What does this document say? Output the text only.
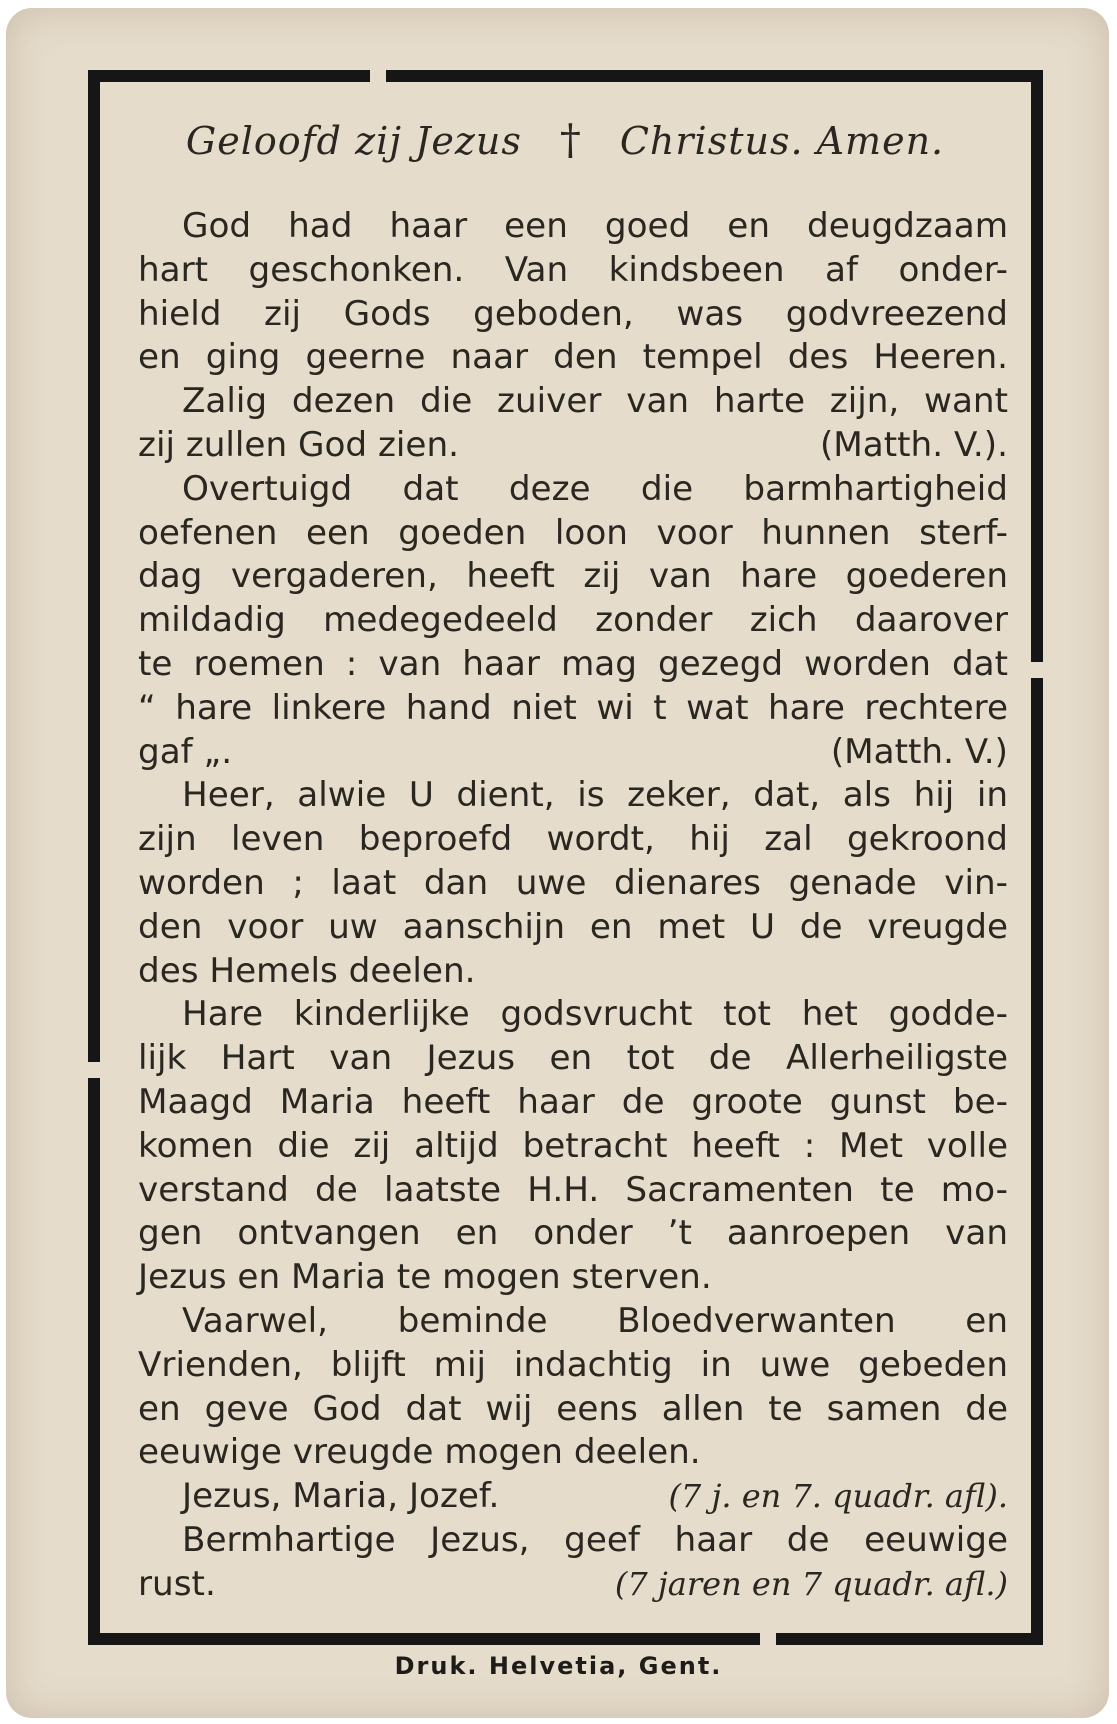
Geloofd zij Jezus † Christus. Amen.
God had haar een goed en deugdzaam
hart geschonken. Van kindsbeen af onder-
hield zij Gods geboden, was godvreezend
en ging geerne naar den tempel des Heeren.
Zalig dezen die zuiver van harte zijn, want
zij zullen God zien.	(Matth. V.).
Overtuigd dat deze die barmhartigheid
oefenen een goeden loon voor hunnen sterf-
dag vergaderen, heeft zij van hare goederen
mildadig medegedeeld zonder zich daarover
te roemen : van haar mag gezegd worden dat
“ hare linkere hand niet wi t wat hare rechtere
gaf „.	(Matth. V.)
Heer, alwie U dient, is zeker, dat, als hij in
zijn leven beproefd wordt, hij zal gekroond
worden ; laat dan uwe dienares genade vin-
den voor uw aanschijn en met U de vreugde
des Hemels deelen.
Hare kinderlijke godsvrucht tot het godde-
lijk Hart van Jezus en tot de Allerheiligste
Maagd Maria heeft haar de groote gunst be-
komen die zij altijd betracht heeft : Met volle
verstand de laatste H.H. Sacramenten te mo-
gen ontvangen en onder ’t aanroepen van
Jezus en Maria te mogen sterven.
Vaarwel, beminde Bloedverwanten en
Vrienden, blijft mij indachtig in uwe gebeden
en geve God dat wij eens allen te samen de
eeuwige vreugde mogen deelen.
Jezus, Maria, Jozef.	(7 j. en 7. quadr. afl).
Bermhartige Jezus, geef haar de eeuwige
rust.	(7 jaren en 7 quadr. afl.)
Druk. Helvetia, Gent.
